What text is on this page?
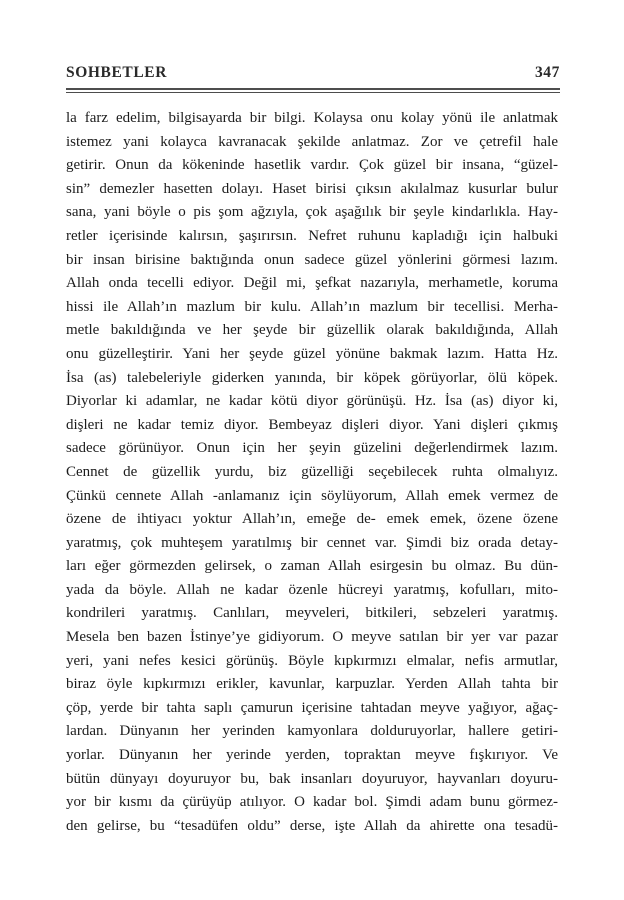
SOHBETLER	347
la farz edelim, bilgisayarda bir bilgi. Kolaysa onu kolay yönü ile anlatmak
istemez yani kolayca kavranacak şekilde anlatmaz. Zor ve çetrefil hale
getirir. Onun da kökeninde hasetlik vardır. Çok güzel bir insana, “güzel-
sin” demezler hasetten dolayı. Haset birisi çıksın akılalmaz kusurlar bulur
sana, yani böyle o pis şom ağzıyla, çok aşağılık bir şeyle kindarlıkla. Hay-
retler içerisinde kalırsın, şaşırırsın. Nefret ruhunu kapladığı için halbuki
bir insan birisine baktığında onun sadece güzel yönlerini görmesi lazım.
Allah onda tecelli ediyor. Değil mi, şefkat nazarıyla, merhametle, koruma
hissi ile Allah’ın mazlum bir kulu. Allah’ın mazlum bir tecellisi. Merha-
metle bakıldığında ve her şeyde bir güzellik olarak bakıldığında, Allah
onu güzelleştirir. Yani her şeyde güzel yönüne bakmak lazım. Hatta Hz.
İsa (as) talebeleriyle giderken yanında, bir köpek görüyorlar, ölü köpek.
Diyorlar ki adamlar, ne kadar kötü diyor görünüşü. Hz. İsa (as) diyor ki,
dişleri ne kadar temiz diyor. Bembeyaz dişleri diyor. Yani dişleri çıkmış
sadece görünüyor. Onun için her şeyin güzelini değerlendirmek lazım.
Cennet de güzellik yurdu, biz güzelliği seçebilecek ruhta olmalıyız.
Çünkü cennete Allah -anlamanız için söylüyorum, Allah emek vermez de
özene de ihtiyacı yoktur Allah’ın, emeğe de- emek emek, özene özene
yaratmış, çok muhteşem yaratılmış bir cennet var. Şimdi biz orada detay-
ları eğer görmezden gelirsek, o zaman Allah esirgesin bu olmaz. Bu dün-
yada da böyle. Allah ne kadar özenle hücreyi yaratmış, kofulları, mito-
kondrileri yaratmış. Canlıları, meyveleri, bitkileri, sebzeleri yaratmış.
Mesela ben bazen İstinye’ye gidiyorum. O meyve satılan bir yer var pazar
yeri, yani nefes kesici görünüş. Böyle kıpkırmızı elmalar, nefis armutlar,
biraz öyle kıpkırmızı erikler, kavunlar, karpuzlar. Yerden Allah tahta bir
çöp, yerde bir tahta saplı çamurun içerisine tahtadan meyve yağıyor, ağaç-
lardan. Dünyanın her yerinden kamyonlara dolduruyorlar, hallere getiri-
yorlar. Dünyanın her yerinde yerden, topraktan meyve fışkırıyor. Ve
bütün dünyayı doyuruyor bu, bak insanları doyuruyor, hayvanları doyuru-
yor bir kısmı da çürüyüp atılıyor. O kadar bol. Şimdi adam bunu görmez-
den gelirse, bu “tesadüfen oldu” derse, işte Allah da ahirette ona tesadü-
